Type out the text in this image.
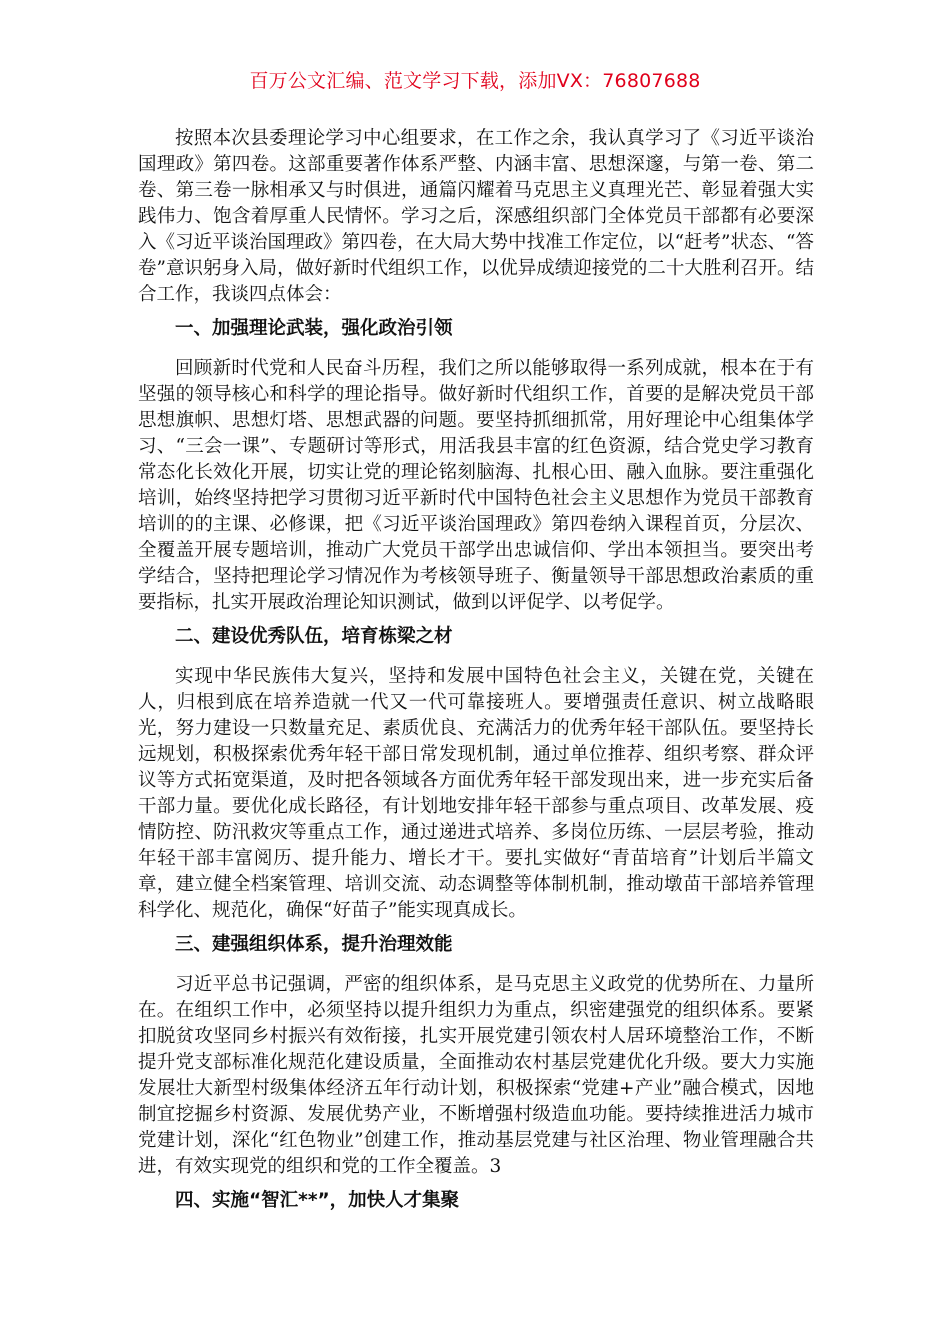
百万公文汇编、范文学习下载，添加VX：76807688

按照本次县委理论学习中心组要求，在工作之余，我认真学习了《习近平谈治国理政》第四卷。这部重要著作体系严整、内涵丰富、思想深邃，与第一卷、第二卷、第三卷一脉相承又与时俱进，通篇闪耀着马克思主义真理光芒、彰显着强大实践伟力、饱含着厚重人民情怀。学习之后，深感组织部门全体党员干部都有必要深入《习近平谈治国理政》第四卷，在大局大势中找准工作定位，以“赶考”状态、“答卷”意识躬身入局，做好新时代组织工作，以优异成绩迎接党的二十大胜利召开。结合工作，我谈四点体会：

一、加强理论武装，强化政治引领

回顾新时代党和人民奋斗历程，我们之所以能够取得一系列成就，根本在于有坚强的领导核心和科学的理论指导。做好新时代组织工作，首要的是解决党员干部思想旗帜、思想灯塔、思想武器的问题。要坚持抓细抓常，用好理论中心组集体学习、“三会一课”、专题研讨等形式，用活我县丰富的红色资源，结合党史学习教育常态化长效化开展，切实让党的理论铭刻脑海、扎根心田、融入血脉。要注重强化培训，始终坚持把学习贯彻习近平新时代中国特色社会主义思想作为党员干部教育培训的的主课、必修课，把《习近平谈治国理政》第四卷纳入课程首页，分层次、全覆盖开展专题培训，推动广大党员干部学出忠诚信仰、学出本领担当。要突出考学结合，坚持把理论学习情况作为考核领导班子、衡量领导干部思想政治素质的重要指标，扎实开展政治理论知识测试，做到以评促学、以考促学。

二、建设优秀队伍，培育栋梁之材

实现中华民族伟大复兴，坚持和发展中国特色社会主义，关键在党，关键在人，归根到底在培养造就一代又一代可靠接班人。要增强责任意识、树立战略眼光，努力建设一只数量充足、素质优良、充满活力的优秀年轻干部队伍。要坚持长远规划，积极探索优秀年轻干部日常发现机制，通过单位推荐、组织考察、群众评议等方式拓宽渠道，及时把各领域各方面优秀年轻干部发现出来，进一步充实后备干部力量。要优化成长路径，有计划地安排年轻干部参与重点项目、改革发展、疫情防控、防汛救灾等重点工作，通过递进式培养、多岗位历练、一层层考验，推动年轻干部丰富阅历、提升能力、增长才干。要扎实做好“青苗培育”计划后半篇文章，建立健全档案管理、培训交流、动态调整等体制机制，推动墩苗干部培养管理科学化、规范化，确保“好苗子”能实现真成长。

三、建强组织体系，提升治理效能

习近平总书记强调，严密的组织体系，是马克思主义政党的优势所在、力量所在。在组织工作中，必须坚持以提升组织力为重点，织密建强党的组织体系。要紧扣脱贫攻坚同乡村振兴有效衔接，扎实开展党建引领农村人居环境整治工作，不断提升党支部标准化规范化建设质量，全面推动农村基层党建优化升级。要大力实施发展壮大新型村级集体经济五年行动计划，积极探索“党建+产业”融合模式，因地制宜挖掘乡村资源、发展优势产业，不断增强村级造血功能。要持续推进活力城市党建计划，深化“红色物业”创建工作，推动基层党建与社区治理、物业管理融合共进，有效实现党的组织和党的工作全覆盖。3

四、实施“智汇**”，加快人才集聚
